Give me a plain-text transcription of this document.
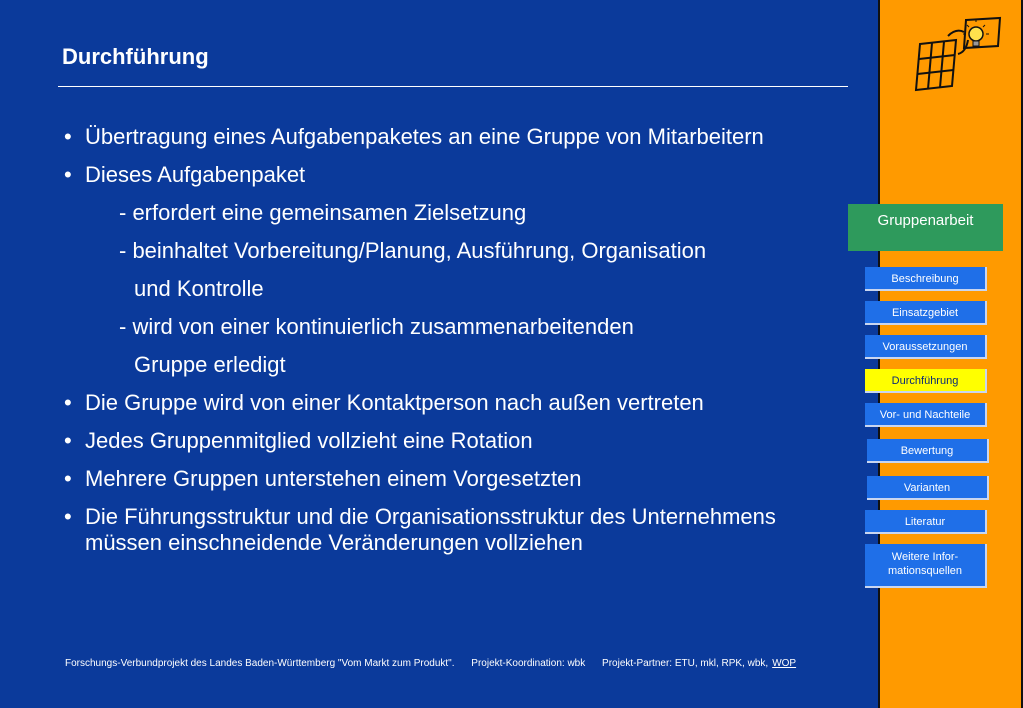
Durchführung
• Übertragung eines Aufgabenpaketes an eine Gruppe von Mitarbeitern
• Dieses Aufgabenpaket
- erfordert eine gemeinsamen Zielsetzung
- beinhaltet Vorbereitung/Planung, Ausführung, Organisation
und Kontrolle
- wird von einer kontinuierlich zusammenarbeitenden
Gruppe erledigt
• Die Gruppe wird von einer Kontaktperson nach außen vertreten
• Jedes Gruppenmitglied vollzieht eine Rotation
• Mehrere Gruppen unterstehen einem Vorgesetzten
• Die Führungsstruktur und die Organisationsstruktur des Unternehmens müssen einschneidende Veränderungen vollziehen
Forschungs-Verbundprojekt des Landes Baden-Württemberg "Vom Markt zum Produkt". Projekt-Koordination: wbk Projekt-Partner: ETU, mkl, RPK, wbk, WOP
Gruppenarbeit
Beschreibung
Einsatzgebiet
Voraussetzungen
Durchführung
Vor- und Nachteile
Bewertung
Varianten
Literatur
Weitere Infor-
mationsquellen
